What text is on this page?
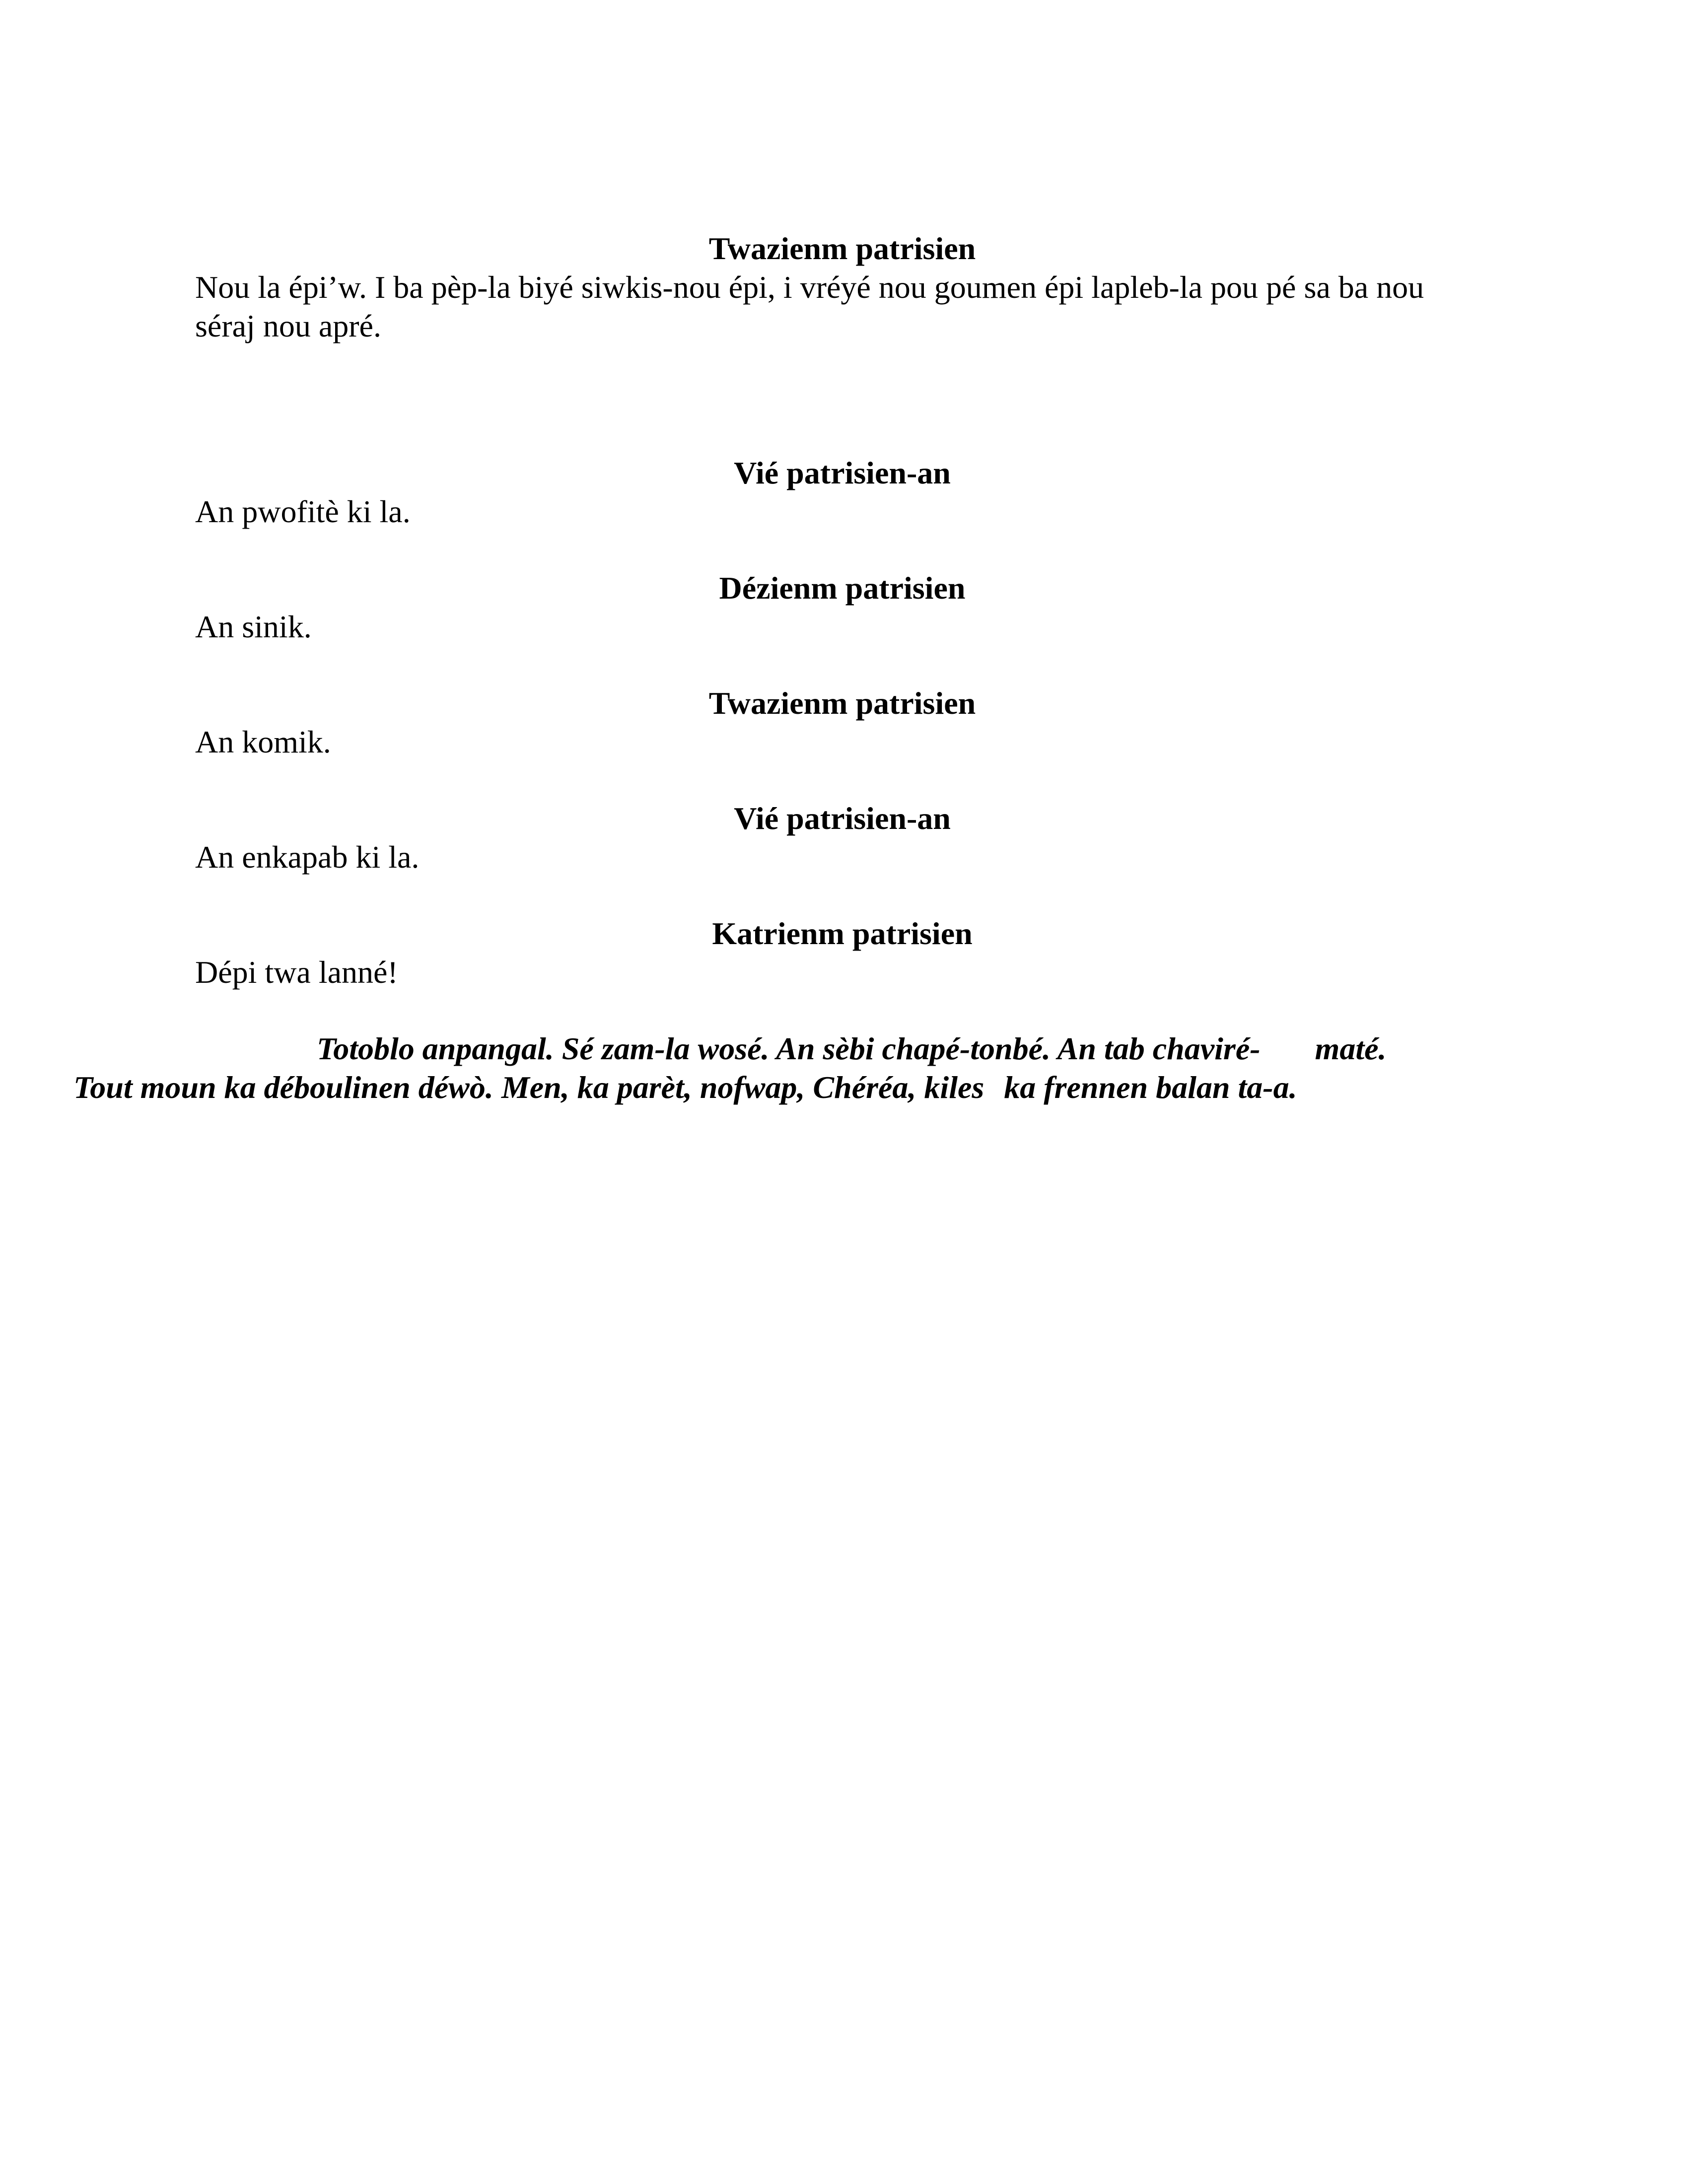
Twazienm patrisien

Nou la épi’w. I ba pèp-la biyé siwkis-nou épi, i vréyé nou goumen épi lapleb-la pou pé sa ba nou séraj nou apré.

Vié patrisien-an

An pwofitè ki la.

Dézienm patrisien

An sinik.

Twazienm patrisien

An komik.

Vié patrisien-an

An enkapab ki la.

Katrienm patrisien

Dépi twa lanné!

Totoblo anpangal. Sé zam-la wosé. An sèbi chapé-tonbé. An tab chaviré- maté.
Tout moun ka déboulinen déwò. Men, ka parèt, nofwap, Chéréa, kiles ka frennen balan ta-a.
